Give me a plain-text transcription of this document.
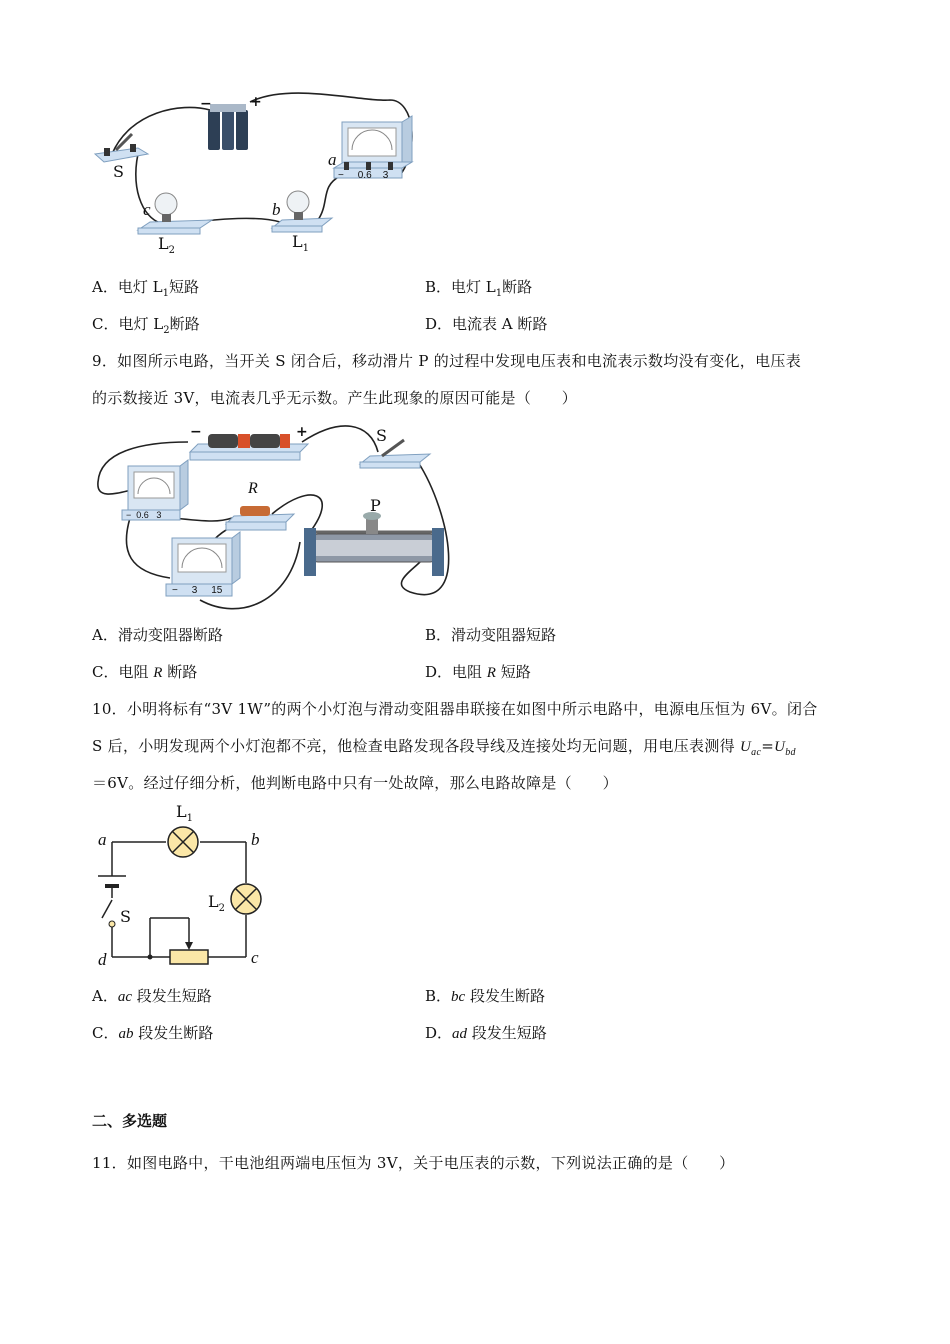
−	+
S
a
b
c
− 0.6 3
$L_2$	$L_1$
A．电灯 $L_1$短路	B．电灯 $L_1$断路
C．电灯 $L_2$断路	D．电流表 A 断路
9．如图所示电路，当开关 S 闭合后，移动滑片 P 的过程中发现电压表和电流表示数均没有变化，电压表
的示数接近 3V，电流表几乎无示数。产生此现象的原因可能是（　　）
−	+	S
R
P
− 0.6 3
− 3 15
A．滑动变阻器断路	B．滑动变阻器短路
C．电阻 R 断路	D．电阻 R 短路
10．小明将标有“3V 1W”的两个小灯泡与滑动变阻器串联接在如图中所示电路中，电源电压恒为 6V。闭合
S 后，小明发现两个小灯泡都不亮，他检查电路发现各段导线及连接处均无问题，用电压表测得 $U_{ac}=U_{bd}$
＝6V。经过仔细分析，他判断电路中只有一处故障，那么电路故障是（　　）
$L_1$
a	b
$L_2$
S
d	c
A．ac 段发生短路	B．bc 段发生断路
C．ab 段发生断路	D．ad 段发生短路
二、多选题
11．如图电路中，干电池组两端电压恒为 3V，关于电压表的示数，下列说法正确的是（　　）
